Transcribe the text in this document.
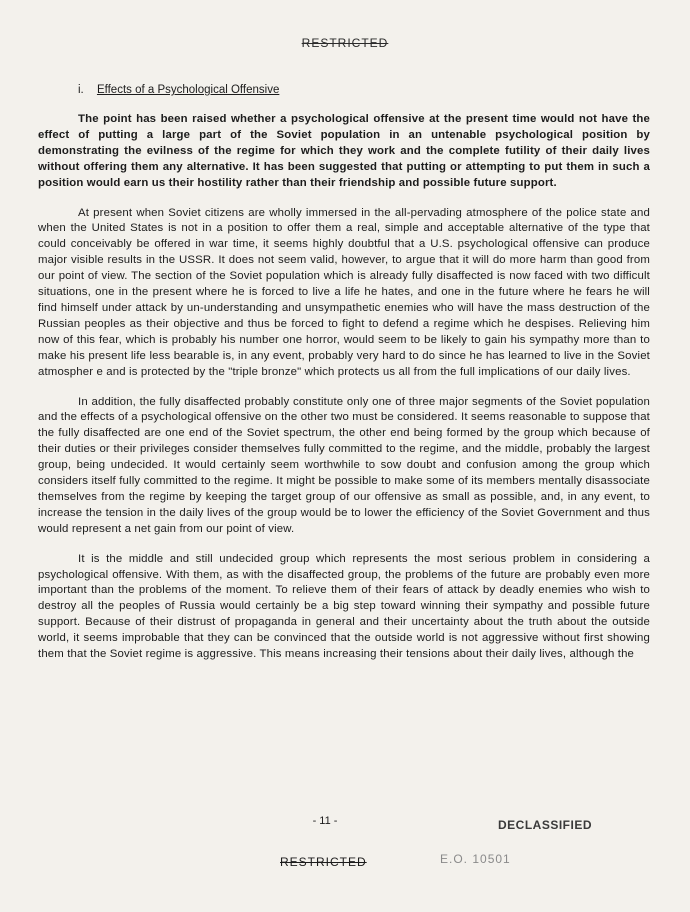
RESTRICTED
i. Effects of a Psychological Offensive

The point has been raised whether a psychological offensive at the present time would not have the effect of putting a large part of the Soviet population in an untenable psychological position by demonstrating the evilness of the regime for which they work and the complete futility of their daily lives without offering them any alternative. It has been suggested that putting or attempting to put them in such a position would earn us their hostility rather than their friendship and possible future support.

At present when Soviet citizens are wholly immersed in the all-pervading atmosphere of the police state and when the United States is not in a position to offer them a real, simple and acceptable alternative of the type that could conceivably be offered in war time, it seems highly doubtful that a U.S. psychological offensive can produce major visible results in the USSR. It does not seem valid, however, to argue that it will do more harm than good from our point of view. The section of the Soviet population which is already fully disaffected is now faced with two difficult situations, one in the present where he is forced to live a life he hates, and one in the future where he fears he will find himself under attack by un-understanding and unsympathetic enemies who will have the mass destruction of the Russian peoples as their objective and thus be forced to fight to defend a regime which he despises. Relieving him now of this fear, which is probably his number one horror, would seem to be likely to gain his sympathy more than to make his present life less bearable is, in any event, probably very hard to do since he has learned to live in the Soviet atmospher e and is protected by the "triple bronze" which protects us all from the full implications of our daily lives.

In addition, the fully disaffected probably constitute only one of three major segments of the Soviet population and the effects of a psychological offensive on the other two must be considered. It seems reasonable to suppose that the fully disaffected are one end of the Soviet spectrum, the other end being formed by the group which because of their duties or their privileges consider themselves fully committed to the regime, and the middle, probably the largest group, being undecided. It would certainly seem worthwhile to sow doubt and confusion among the group which considers itself fully committed to the regime. It might be possible to make some of its members mentally disassociate themselves from the regime by keeping the target group of our offensive as small as possible, and, in any event, to increase the tension in the daily lives of the group would be to lower the efficiency of the Soviet Government and thus would represent a net gain from our point of view.

It is the middle and still undecided group which represents the most serious problem in considering a psychological offensive. With them, as with the disaffected group, the problems of the future are probably even more important than the problems of the moment. To relieve them of their fears of attack by deadly enemies who wish to destroy all the peoples of Russia would certainly be a big step toward winning their sympathy and possible future support. Because of their distrust of propaganda in general and their uncertainty about the truth about the outside world, it seems improbable that they can be convinced that the outside world is not aggressive without first showing them that the Soviet regime is aggressive. This means increasing their tensions about their daily lives, although the

- 11 -	DECLASSIFIED
E.O. 10501
RESTRICTED
